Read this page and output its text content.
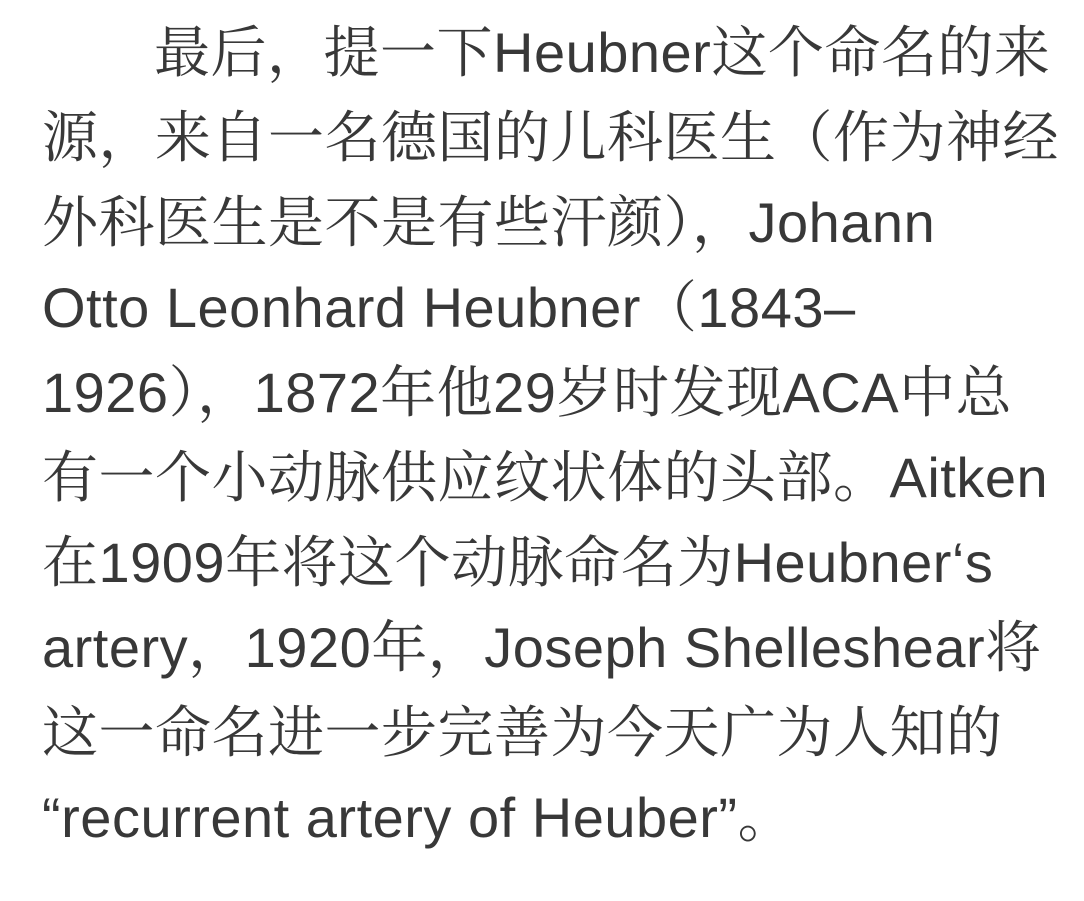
最后，提一下Heubner这个命名的来
源，来自一名德国的儿科医生（作为神经
外科医生是不是有些汗颜），Johann
Otto Leonhard Heubner（1843–
1926），1872年他29岁时发现ACA中总
有一个小动脉供应纹状体的头部。Aitken
在1909年将这个动脉命名为Heubner‘s
artery，1920年，Joseph Shelleshear将
这一命名进一步完善为今天广为人知的
“recurrent artery of Heuber”。
